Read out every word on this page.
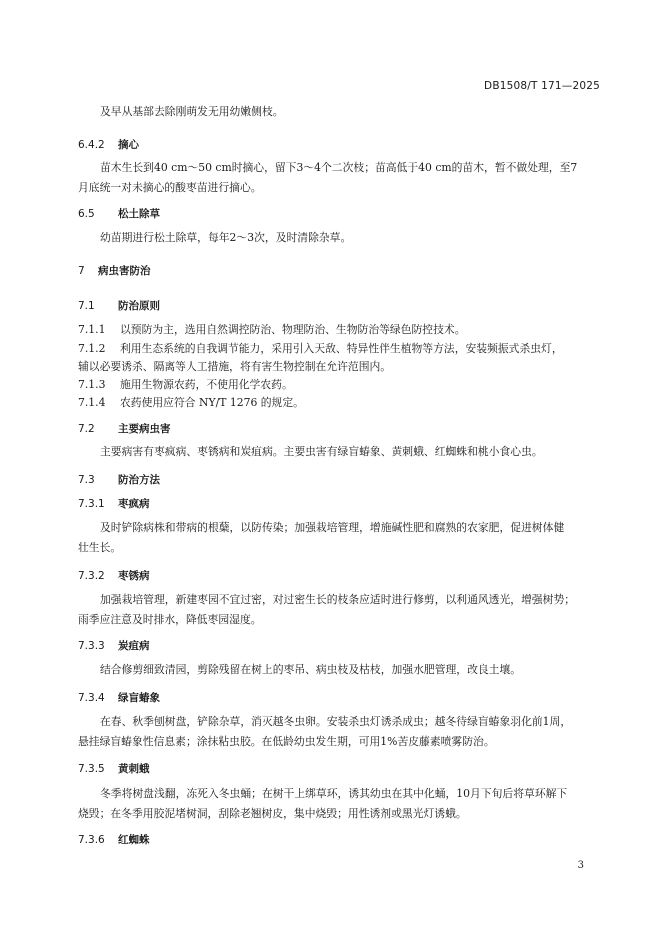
DB1508/T 171—2025
及早从基部去除刚萌发无用幼嫩侧枝。
6.4.2 摘心
苗木生长到40 cm～50 cm时摘心，留下3～4个二次枝；苗高低于40 cm的苗木，暂不做处理，至7
月底统一对未摘心的酸枣苗进行摘心。
6.5 松土除草
幼苗期进行松土除草，每年2～3次，及时清除杂草。
7 病虫害防治
7.1 防治原则
7.1.1 以预防为主，选用自然调控防治、物理防治、生物防治等绿色防控技术。
7.1.2 利用生态系统的自我调节能力，采用引入天敌、特异性伴生植物等方法，安装频振式杀虫灯，
辅以必要诱杀、隔离等人工措施，将有害生物控制在允许范围内。
7.1.3 施用生物源农药，不使用化学农药。
7.1.4 农药使用应符合 NY/T 1276 的规定。
7.2 主要病虫害
主要病害有枣疯病、枣锈病和炭疽病。主要虫害有绿盲蝽象、黄刺蛾、红蜘蛛和桃小食心虫。
7.3 防治方法
7.3.1 枣疯病
及时铲除病株和带病的根蘖，以防传染；加强栽培管理，增施碱性肥和腐熟的农家肥，促进树体健
壮生长。
7.3.2 枣锈病
加强栽培管理，新建枣园不宜过密，对过密生长的枝条应适时进行修剪，以利通风透光，增强树势；
雨季应注意及时排水，降低枣园湿度。
7.3.3 炭疽病
结合修剪细致清园，剪除残留在树上的枣吊、病虫枝及枯枝，加强水肥管理，改良土壤。
7.3.4 绿盲蝽象
在春、秋季刨树盘，铲除杂草，消灭越冬虫卵。安装杀虫灯诱杀成虫；越冬待绿盲蝽象羽化前1周，
悬挂绿盲蝽象性信息素；涂抹粘虫胶。在低龄幼虫发生期，可用1%苦皮藤素喷雾防治。
7.3.5 黄刺蛾
冬季将树盘浅翻，冻死入冬虫蛹；在树干上绑草环，诱其幼虫在其中化蛹，10月下旬后将草环解下
烧毁；在冬季用胶泥堵树洞，刮除老翘树皮，集中烧毁；用性诱剂或黑光灯诱蛾。
7.3.6 红蜘蛛
3
